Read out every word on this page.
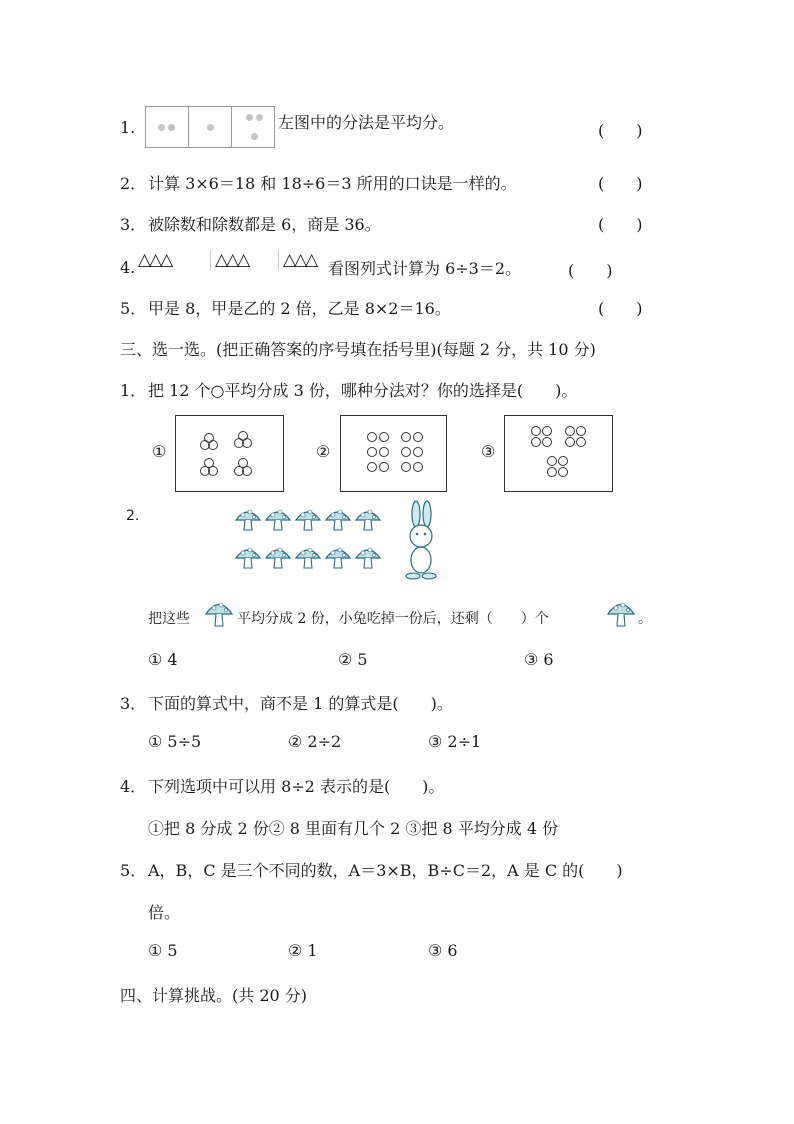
1.	左图中的分法是平均分。	(　　)
2． 计算 3×6＝18 和 18÷6＝3 所用的口诀是一样的。	(　　)
3． 被除数和除数都是 6，商是 36。	(　　)
4. △△△	△△△ △△△ 看图列式计算为 6÷3＝2。	(　　)
5． 甲是 8，甲是乙的 2 倍，乙是 8×2＝16。	(　　)
三、选一选。(把正确答案的序号填在括号里)(每题 2 分，共 10 分)
1． 把 12 个○平均分成 3 份，哪种分法对？你的选择是(　　)。
①	②	③
2.
把这些	平均分成 2 份，小兔吃掉一份后，还剩（　　）个	。
① 4	② 5	③ 6
3． 下面的算式中，商不是 1 的算式是(　　)。
① 5÷5	② 2÷2	③ 2÷1
4． 下列选项中可以用 8÷2 表示的是(　　)。
①把 8 分成 2 份② 8 里面有几个 2 ③把 8 平均分成 4 份
5． A，B，C 是三个不同的数，A＝3×B，B÷C＝2，A 是 C 的(　　)
倍。
① 5	② 1	③ 6
四、计算挑战。(共 20 分)
